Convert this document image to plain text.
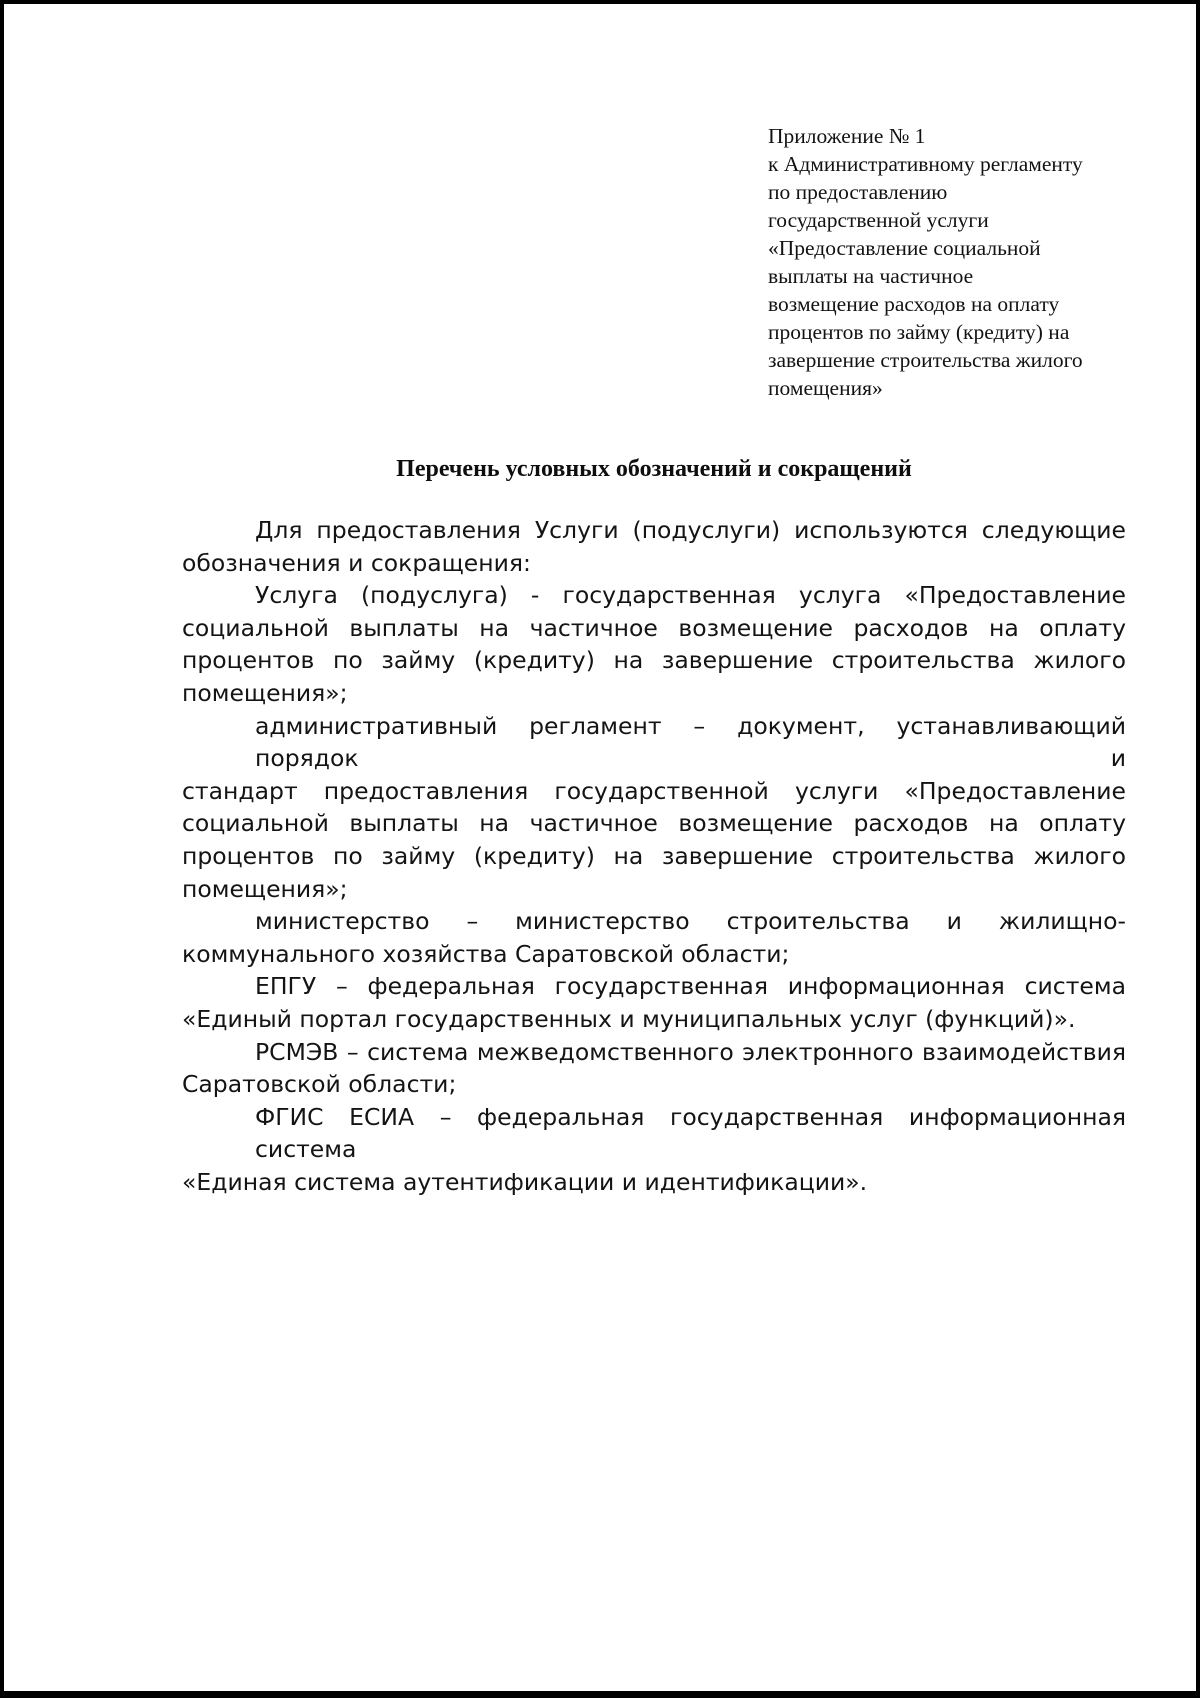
Приложение № 1
к Административному регламенту
по предоставлению
государственной услуги
«Предоставление социальной
выплаты на частичное
возмещение расходов на оплату
процентов по займу (кредиту) на
завершение строительства жилого
помещения»
Перечень условных обозначений и сокращений
Для предоставления Услуги (подуслуги) используются следующие
обозначения и сокращения:
Услуга (подуслуга) - государственная услуга «Предоставление
социальной выплаты на частичное возмещение расходов на оплату
процентов по займу (кредиту) на завершение строительства жилого
помещения»;
административный регламент – документ, устанавливающий порядок и
стандарт предоставления государственной услуги «Предоставление
социальной выплаты на частичное возмещение расходов на оплату
процентов по займу (кредиту) на завершение строительства жилого
помещения»;
министерство – министерство строительства и жилищно-
коммунального хозяйства Саратовской области;
ЕПГУ – федеральная государственная информационная система
«Единый портал государственных и муниципальных услуг (функций)».
РСМЭВ – система межведомственного электронного взаимодействия
Саратовской области;
ФГИС ЕСИА – федеральная государственная информационная система
«Единая система аутентификации и идентификации».
